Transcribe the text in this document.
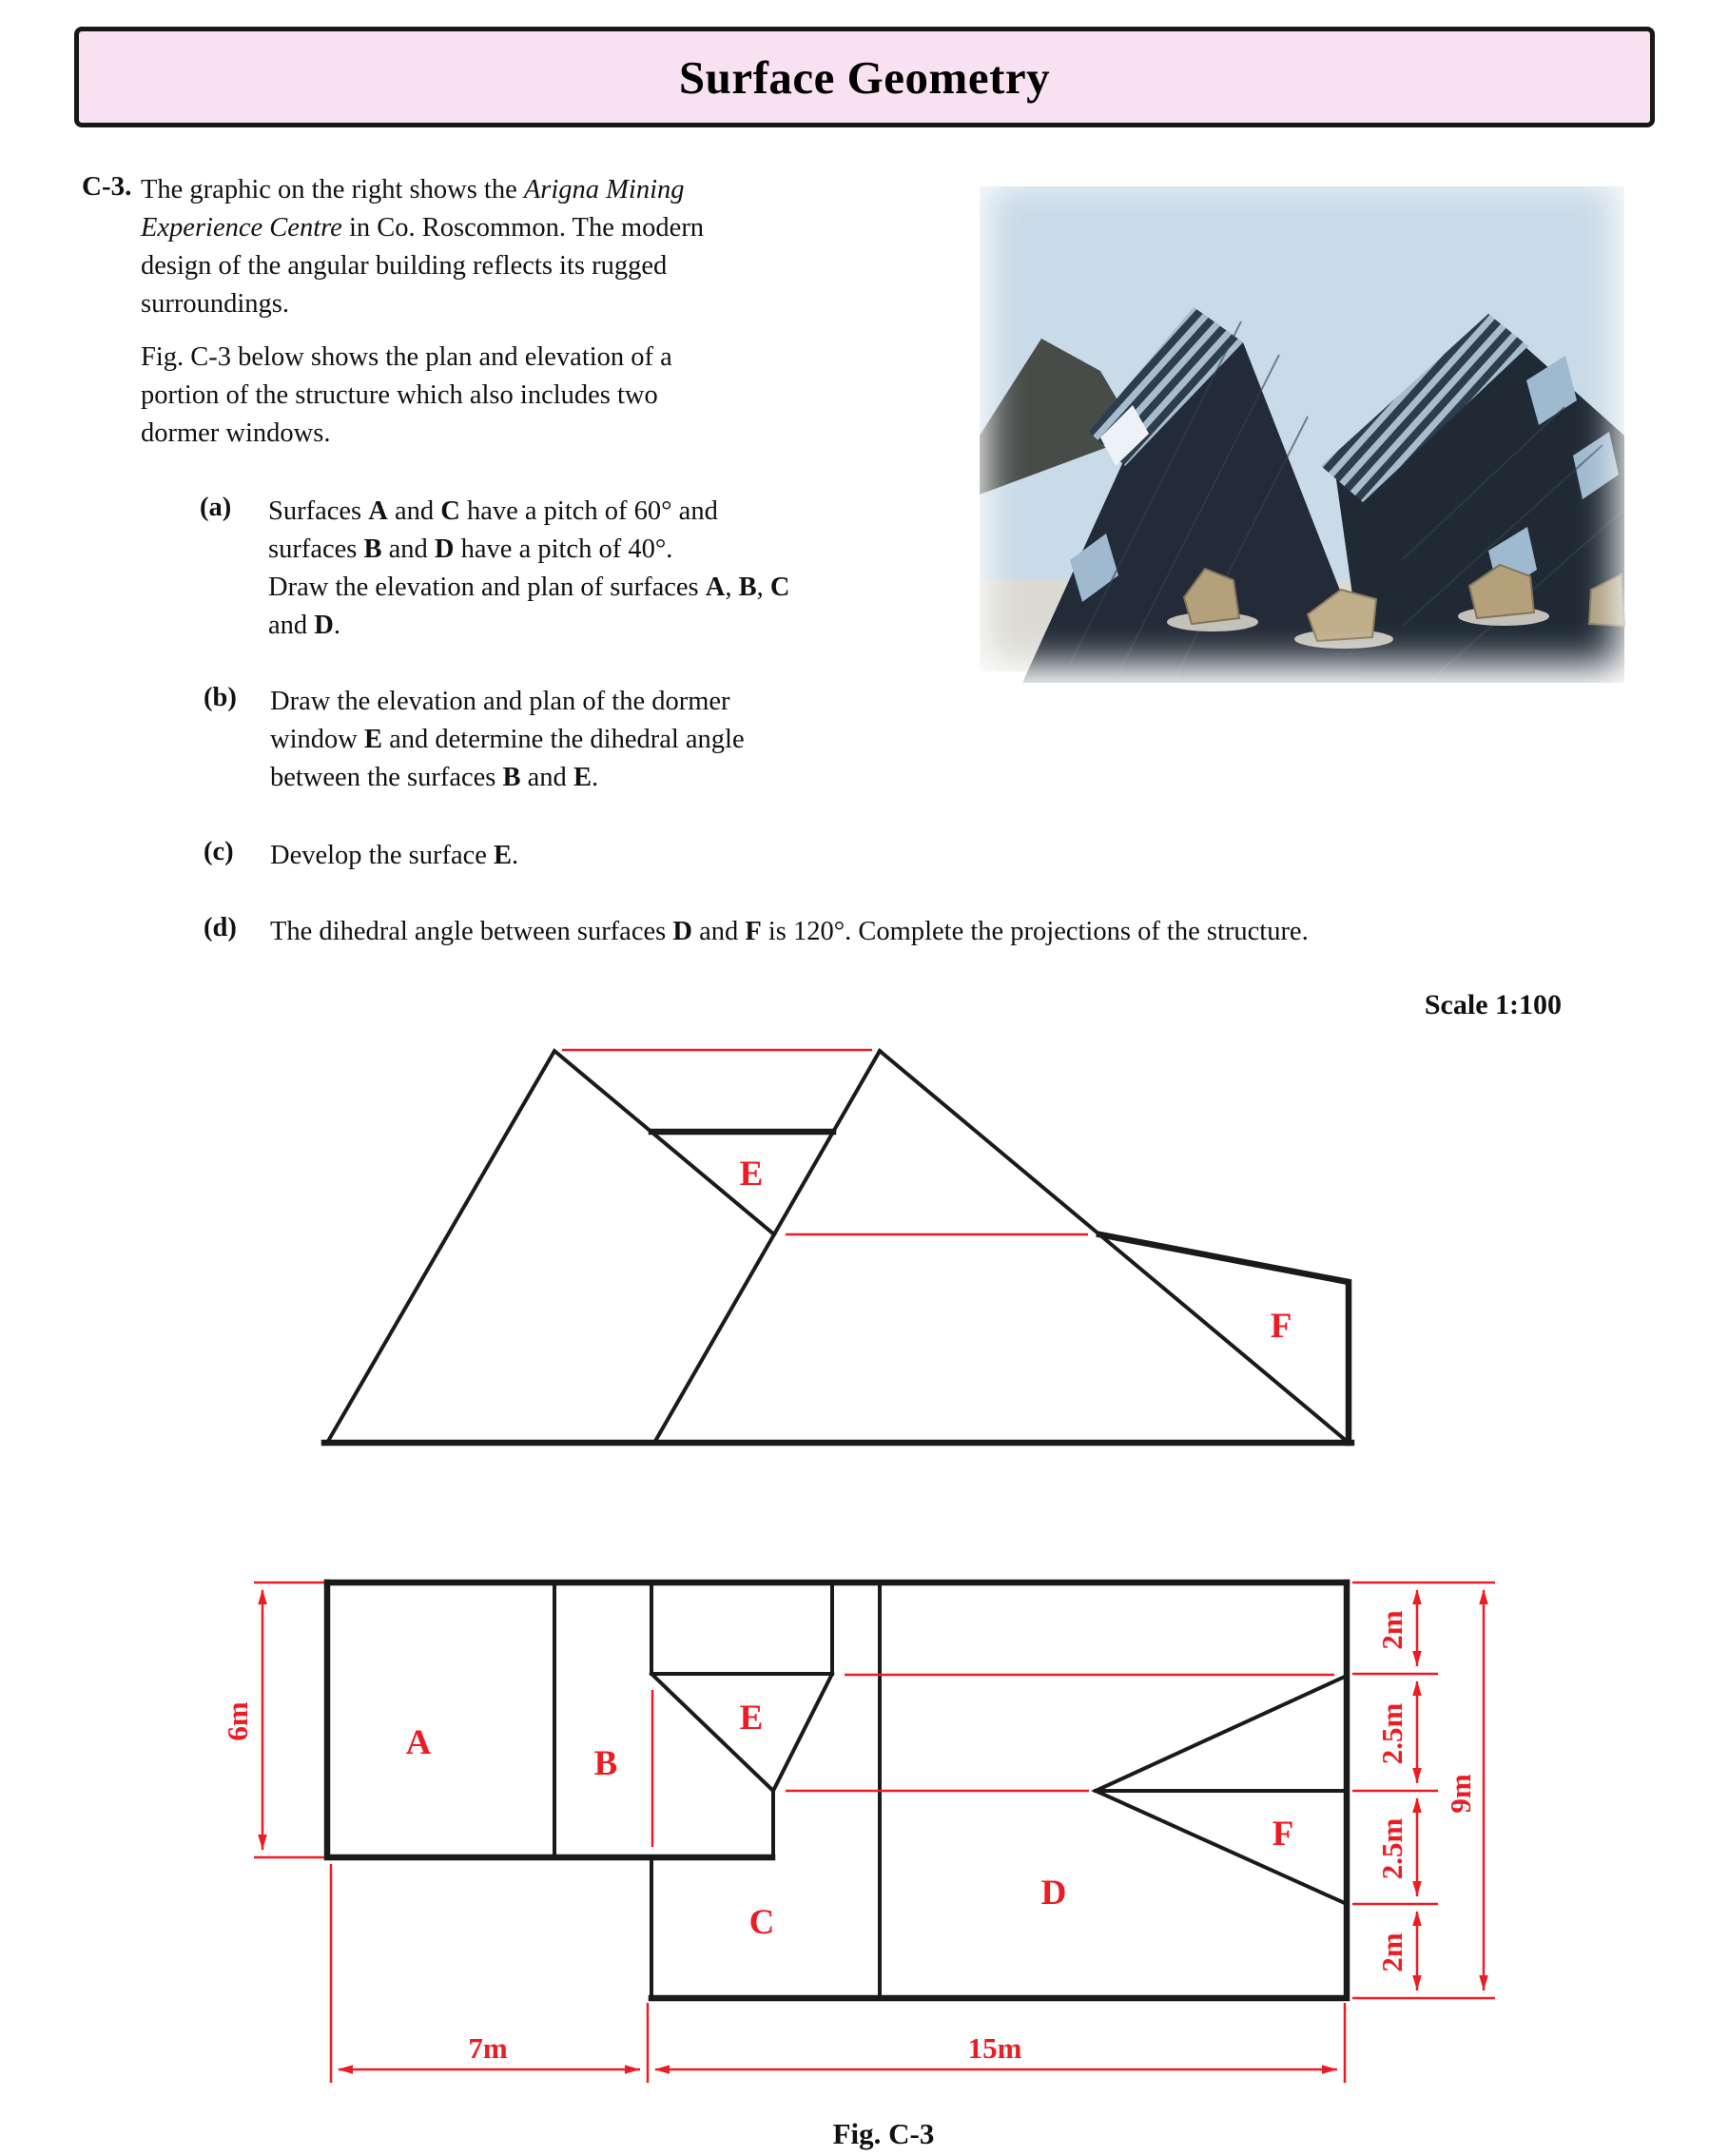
Surface Geometry
C-3. The graphic on the right shows the Arigna Mining
Experience Centre in Co. Roscommon. The modern
design of the angular building reflects its rugged
surroundings.
Fig. C-3 below shows the plan and elevation of a
portion of the structure which also includes two
dormer windows.
(a) Surfaces A and C have a pitch of 60° and
surfaces B and D have a pitch of 40°.
Draw the elevation and plan of surfaces A, B, C
and D.
(b) Draw the elevation and plan of the dormer
window E and determine the dihedral angle
between the surfaces B and E.
(c) Develop the surface E.
(d) The dihedral angle between surfaces D and F is 120°. Complete the projections of the structure.
Scale 1:100
E
F
A
B
E
C
D
F
6m
2m
2.5m
2.5m
2m
9m
7m	15m
Fig. C-3
